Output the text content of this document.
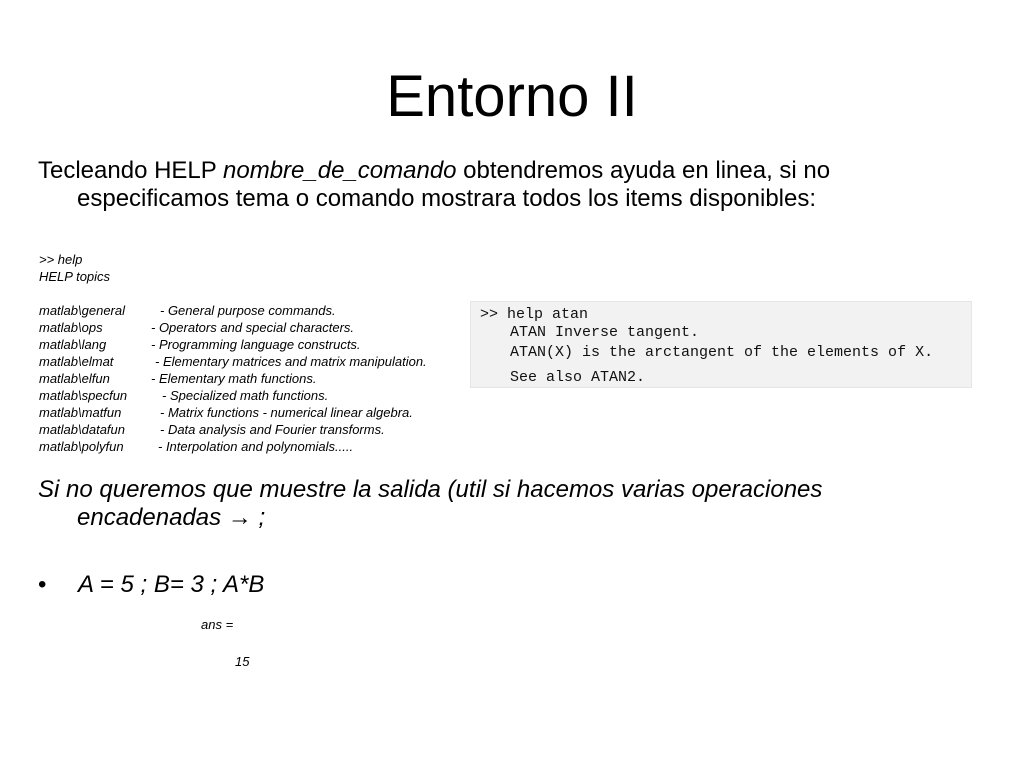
Entorno II
Tecleando HELP nombre_de_comando obtendremos ayuda en linea, si no
especificamos tema o comando mostrara todos los items disponibles:
>> help
HELP topics
matlab\general	- General purpose commands.
matlab\ops	- Operators and special characters.
matlab\lang	- Programming language constructs.
matlab\elmat	- Elementary matrices and matrix manipulation.
matlab\elfun	- Elementary math functions.
matlab\specfun	- Specialized math functions.
matlab\matfun	- Matrix functions - numerical linear algebra.
matlab\datafun	- Data analysis and Fourier transforms.
matlab\polyfun	- Interpolation and polynomials.....
>> help atan
ATAN Inverse tangent.
ATAN(X) is the arctangent of the elements of X.
See also ATAN2.
Si no queremos que muestre la salida (util si hacemos varias operaciones
encadenadas → ;
• A = 5 ; B= 3 ; A*B
ans =
15
